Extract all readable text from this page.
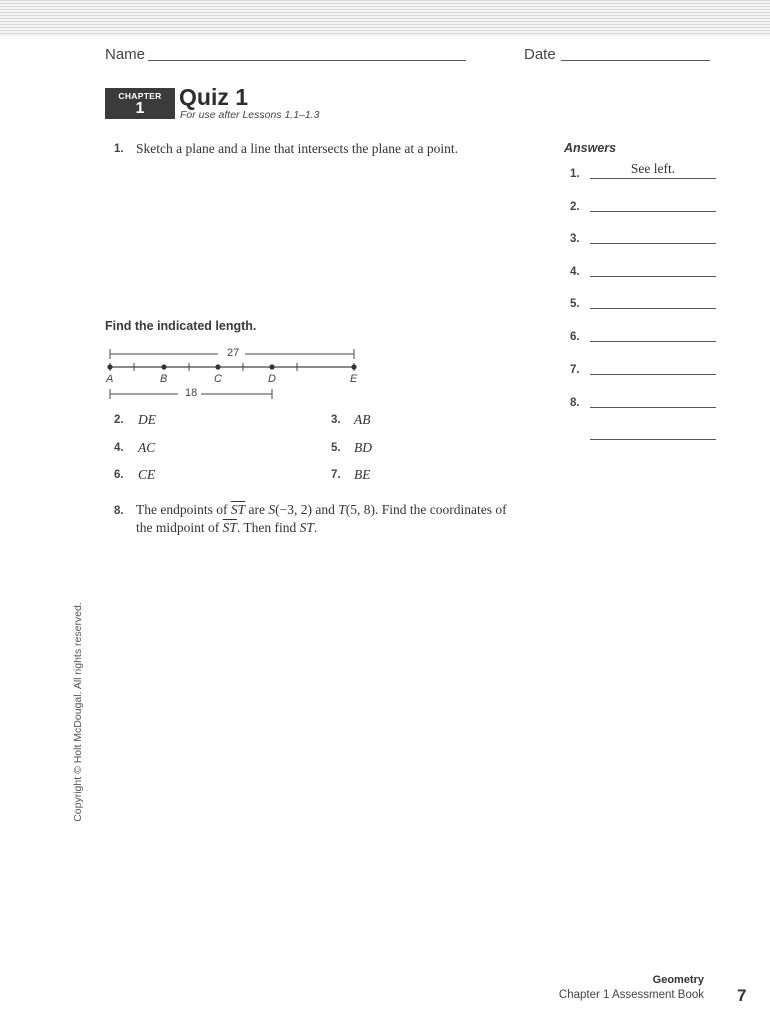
Name	Date
CHAPTER
1	Quiz 1
For use after Lessons 1.1–1.3
1. Sketch a plane and a line that intersects the plane at a point.	Answers
1.	See left.
2.
3.
4.
5.
6.
7.
8.
Find the indicated length.
27
18
A	B	C	D	E
2. DE	3. AB
4. AC	5. BD
6. CE	7. BE
8. The endpoints of $\overline{ST}$ are S(−3, 2) and T(5, 8). Find the coordinates of
the midpoint of $\overline{ST}$. Then find ST.
Copyright © Holt McDougal. All rights reserved.
Geometry
Chapter 1 Assessment Book 7
